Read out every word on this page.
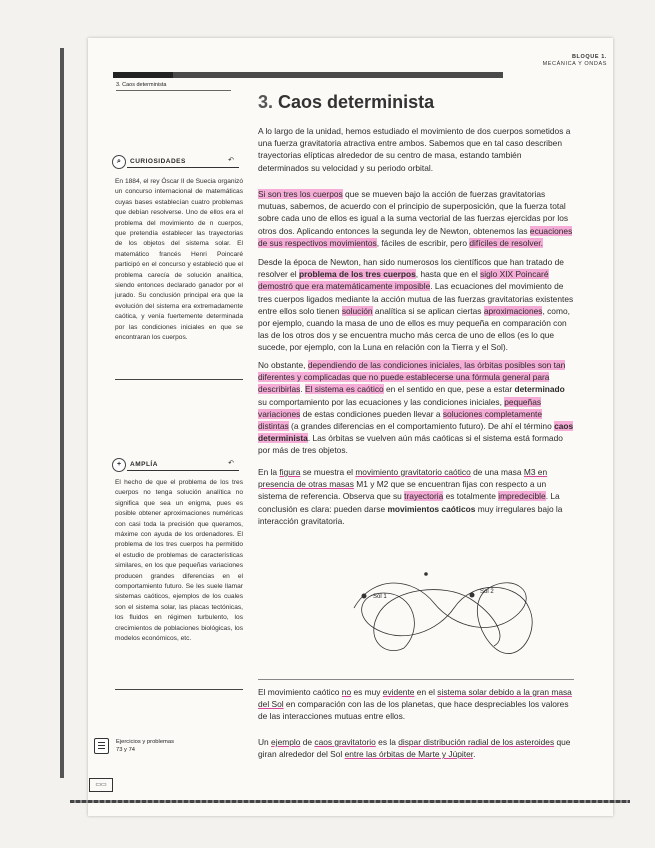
BLOQUE 1.
MECÁNICA Y ONDAS
3. Caos determinista
3. Caos determinista
⌕	CURIOSIDADES	↶

En 1884, el rey Óscar II de Suecia organizó un concurso internacional de matemáticas cuyas bases establecían cuatro problemas que debían resolverse. Uno de ellos era el problema del movimiento de n cuerpos, que pretendía establecer las trayectorias de los objetos del sistema solar. El matemático francés Henri Poincaré participó en el concurso y estableció que el problema carecía de solución analítica, siendo entonces declarado ganador por el jurado. Su conclusión principal era que la evolución del sistema era extremadamente caótica, y venía fuertemente determinada por las condiciones iniciales en que se encontraran los cuerpos.

+	AMPLÍA	↶

El hecho de que el problema de los tres cuerpos no tenga solución analítica no significa que sea un enigma, pues es posible obtener aproximaciones numéricas con casi toda la precisión que queramos, máxime con ayuda de los ordenadores. El problema de los tres cuerpos ha permitido el estudio de problemas de características similares, en los que pequeñas variaciones producen grandes diferencias en el comportamiento futuro. Se les suele llamar sistemas caóticos, ejemplos de los cuales son el sistema solar, las placas tectónicas, los fluidos en régimen turbulento, los crecimientos de poblaciones biológicas, los modelos económicos, etc.

Ejercicios y problemas
73 y 74
▭▭

A lo largo de la unidad, hemos estudiado el movimiento de dos cuerpos sometidos a una fuerza gravitatoria atractiva entre ambos. Sabemos que en tal caso describen trayectorias elípticas alrededor de su centro de masa, estando también determinados su velocidad y su periodo orbital.

Si son tres los cuerpos que se mueven bajo la acción de fuerzas gravitatorias mutuas, sabemos, de acuerdo con el principio de superposición, que la fuerza total sobre cada uno de ellos es igual a la suma vectorial de las fuerzas ejercidas por los otros dos. Aplicando entonces la segunda ley de Newton, obtenemos las ecuaciones de sus respectivos movimientos, fáciles de escribir, pero difíciles de resolver.

Desde la época de Newton, han sido numerosos los científicos que han tratado de resolver el problema de los tres cuerpos, hasta que en el siglo XIX Poincaré demostró que era matemáticamente imposible. Las ecuaciones del movimiento de tres cuerpos ligados mediante la acción mutua de las fuerzas gravitatorias existentes entre ellos solo tienen solución analítica si se aplican ciertas aproximaciones, como, por ejemplo, cuando la masa de uno de ellos es muy pequeña en comparación con las de los otros dos y se encuentra mucho más cerca de uno de ellos (es lo que sucede, por ejemplo, con la Luna en relación con la Tierra y el Sol).

No obstante, dependiendo de las condiciones iniciales, las órbitas posibles son tan diferentes y complicadas que no puede establecerse una fórmula general para describirlas. El sistema es caótico en el sentido en que, pese a estar determinado su comportamiento por las ecuaciones y las condiciones iniciales, pequeñas variaciones de estas condiciones pueden llevar a soluciones completamente distintas (a grandes diferencias en el comportamiento futuro). De ahí el término caos determinista. Las órbitas se vuelven aún más caóticas si el sistema está formado por más de tres objetos.

En la figura se muestra el movimiento gravitatorio caótico de una masa M3 en presencia de otras masas M1 y M2 que se encuentran fijas con respecto a un sistema de referencia. Observa que su trayectoria es totalmente impredecible. La conclusión es clara: pueden darse movimientos caóticos muy irregulares bajo la interacción gravitatoria.

Sol 1
Sol 2

El movimiento caótico no es muy evidente en el sistema solar debido a la gran masa del Sol en comparación con las de los planetas, que hace despreciables los valores de las interacciones mutuas entre ellos.

Un ejemplo de caos gravitatorio es la dispar distribución radial de los asteroides que giran alrededor del Sol entre las órbitas de Marte y Júpiter.
